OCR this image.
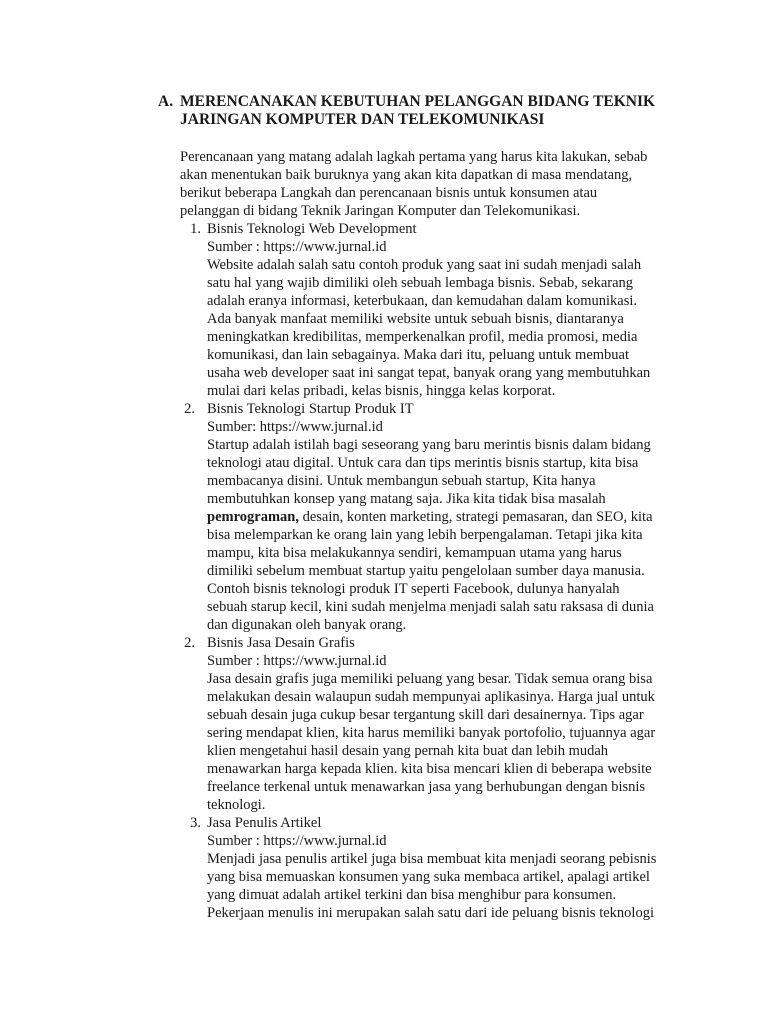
A. MERENCANAKAN KEBUTUHAN PELANGGAN BIDANG TEKNIK
JARINGAN KOMPUTER DAN TELEKOMUNIKASI
Perencanaan yang matang adalah lagkah pertama yang harus kita lakukan, sebab
akan menentukan baik buruknya yang akan kita dapatkan di masa mendatang,
berikut beberapa Langkah dan perencanaan bisnis untuk konsumen atau
pelanggan di bidang Teknik Jaringan Komputer dan Telekomunikasi.
1. Bisnis Teknologi Web Development
Sumber : https://www.jurnal.id
Website adalah salah satu contoh produk yang saat ini sudah menjadi salah
satu hal yang wajib dimiliki oleh sebuah lembaga bisnis. Sebab, sekarang
adalah eranya informasi, keterbukaan, dan kemudahan dalam komunikasi.
Ada banyak manfaat memiliki website untuk sebuah bisnis, diantaranya
meningkatkan kredibilitas, memperkenalkan profil, media promosi, media
komunikasi, dan lain sebagainya. Maka dari itu, peluang untuk membuat
usaha web developer saat ini sangat tepat, banyak orang yang membutuhkan
mulai dari kelas pribadi, kelas bisnis, hingga kelas korporat.
2. Bisnis Teknologi Startup Produk IT
Sumber: https://www.jurnal.id
Startup adalah istilah bagi seseorang yang baru merintis bisnis dalam bidang
teknologi atau digital. Untuk cara dan tips merintis bisnis startup, kita bisa
membacanya disini. Untuk membangun sebuah startup, Kita hanya
membutuhkan konsep yang matang saja. Jika kita tidak bisa masalah
pemrograman, desain, konten marketing, strategi pemasaran, dan SEO, kita
bisa melemparkan ke orang lain yang lebih berpengalaman. Tetapi jika kita
mampu, kita bisa melakukannya sendiri, kemampuan utama yang harus
dimiliki sebelum membuat startup yaitu pengelolaan sumber daya manusia.
Contoh bisnis teknologi produk IT seperti Facebook, dulunya hanyalah
sebuah starup kecil, kini sudah menjelma menjadi salah satu raksasa di dunia
dan digunakan oleh banyak orang.
2. Bisnis Jasa Desain Grafis
Sumber : https://www.jurnal.id
Jasa desain grafis juga memiliki peluang yang besar. Tidak semua orang bisa
melakukan desain walaupun sudah mempunyai aplikasinya. Harga jual untuk
sebuah desain juga cukup besar tergantung skill dari desainernya. Tips agar
sering mendapat klien, kita harus memiliki banyak portofolio, tujuannya agar
klien mengetahui hasil desain yang pernah kita buat dan lebih mudah
menawarkan harga kepada klien. kita bisa mencari klien di beberapa website
freelance terkenal untuk menawarkan jasa yang berhubungan dengan bisnis
teknologi.
3. Jasa Penulis Artikel
Sumber : https://www.jurnal.id
Menjadi jasa penulis artikel juga bisa membuat kita menjadi seorang pebisnis
yang bisa memuaskan konsumen yang suka membaca artikel, apalagi artikel
yang dimuat adalah artikel terkini dan bisa menghibur para konsumen.
Pekerjaan menulis ini merupakan salah satu dari ide peluang bisnis teknologi
